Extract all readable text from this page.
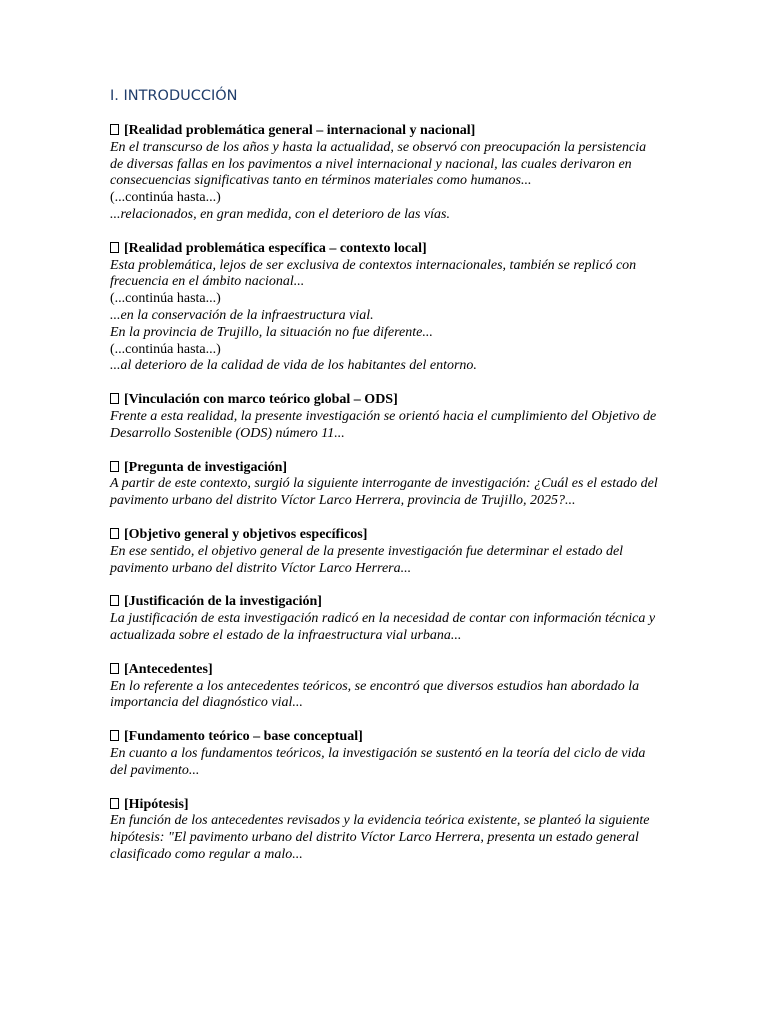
I. INTRODUCCIÓN
[Realidad problemática general – internacional y nacional]

En el transcurso de los años y hasta la actualidad, se observó con preocupación la persistencia de diversas fallas en los pavimentos a nivel internacional y nacional, las cuales derivaron en consecuencias significativas tanto en términos materiales como humanos...

(...continúa hasta...)

...relacionados, en gran medida, con el deterioro de las vías.

[Realidad problemática específica – contexto local]

Esta problemática, lejos de ser exclusiva de contextos internacionales, también se replicó con frecuencia en el ámbito nacional...

(...continúa hasta...)

...en la conservación de la infraestructura vial.

En la provincia de Trujillo, la situación no fue diferente...

(...continúa hasta...)

...al deterioro de la calidad de vida de los habitantes del entorno.

[Vinculación con marco teórico global – ODS]

Frente a esta realidad, la presente investigación se orientó hacia el cumplimiento del Objetivo de Desarrollo Sostenible (ODS) número 11...

[Pregunta de investigación]

A partir de este contexto, surgió la siguiente interrogante de investigación: ¿Cuál es el estado del pavimento urbano del distrito Víctor Larco Herrera, provincia de Trujillo, 2025?...

[Objetivo general y objetivos específicos]

En ese sentido, el objetivo general de la presente investigación fue determinar el estado del pavimento urbano del distrito Víctor Larco Herrera...

[Justificación de la investigación]

La justificación de esta investigación radicó en la necesidad de contar con información técnica y actualizada sobre el estado de la infraestructura vial urbana...

[Antecedentes]

En lo referente a los antecedentes teóricos, se encontró que diversos estudios han abordado la importancia del diagnóstico vial...

[Fundamento teórico – base conceptual]

En cuanto a los fundamentos teóricos, la investigación se sustentó en la teoría del ciclo de vida del pavimento...

[Hipótesis]

En función de los antecedentes revisados y la evidencia teórica existente, se planteó la siguiente hipótesis: "El pavimento urbano del distrito Víctor Larco Herrera, presenta un estado general clasificado como regular a malo...
